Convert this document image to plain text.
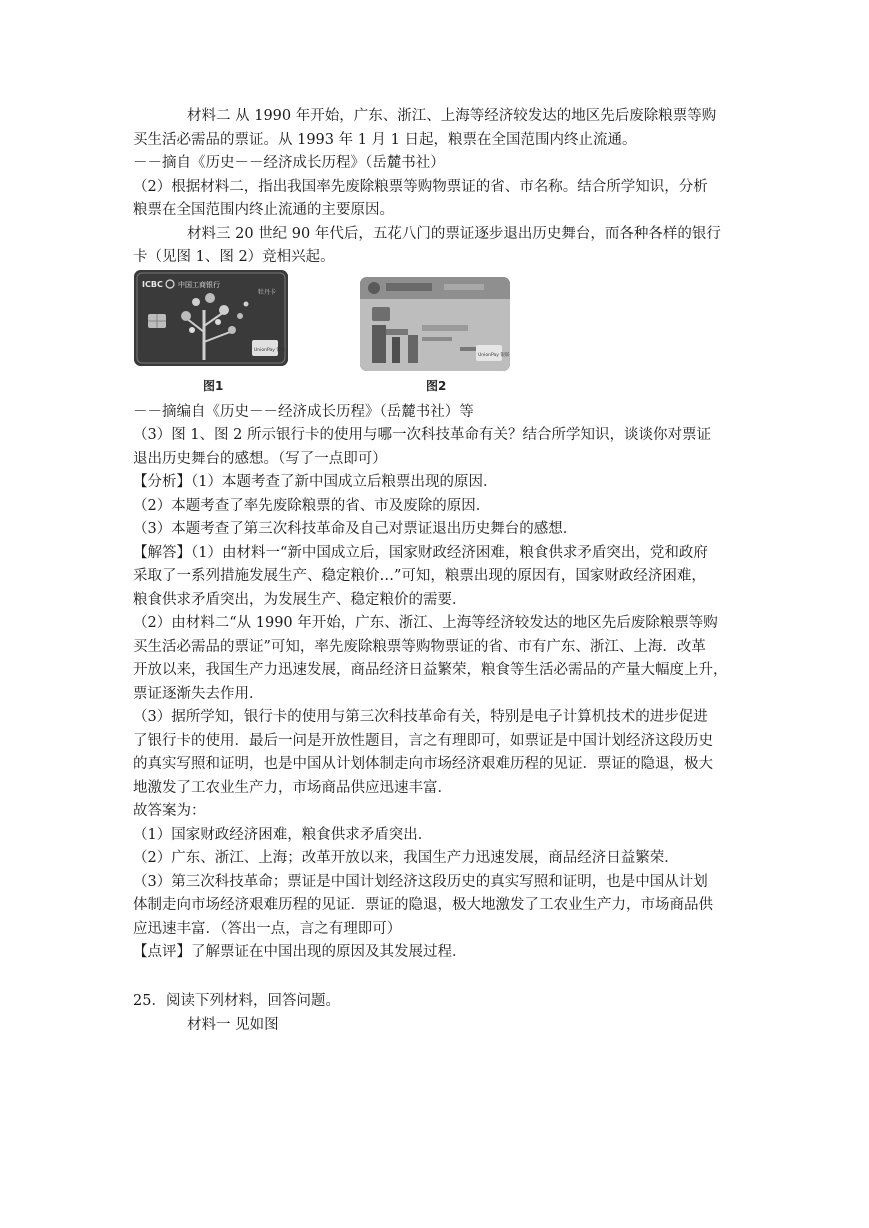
材料二 从 1990 年开始，广东、浙江、上海等经济较发达的地区先后废除粮票等购
买生活必需品的票证。从 1993 年 1 月 1 日起，粮票在全国范围内终止流通。
－－摘自《历史－－经济成长历程》（岳麓书社）
（2）根据材料二，指出我国率先废除粮票等购物票证的省、市名称。结合所学知识，分析
粮票在全国范围内终止流通的主要原因。
材料三 20 世纪 90 年代后，五花八门的票证逐步退出历史舞台，而各种各样的银行
卡（见图 1、图 2）竞相兴起。
ICBC 中国工商银行
牡丹卡
UnionPay 银联
UnionPay 银联
图1	图2
－－摘编自《历史－－经济成长历程》（岳麓书社）等
（3）图 1、图 2 所示银行卡的使用与哪一次科技革命有关？结合所学知识，谈谈你对票证
退出历史舞台的感想。（写了一点即可）
【分析】（1）本题考查了新中国成立后粮票出现的原因．
（2）本题考查了率先废除粮票的省、市及废除的原因．
（3）本题考查了第三次科技革命及自己对票证退出历史舞台的感想．
【解答】（1）由材料一“新中国成立后，国家财政经济困难，粮食供求矛盾突出，党和政府
采取了一系列措施发展生产、稳定粮价…”可知，粮票出现的原因有，国家财政经济困难，
粮食供求矛盾突出，为发展生产、稳定粮价的需要．
（2）由材料二“从 1990 年开始，广东、浙江、上海等经济较发达的地区先后废除粮票等购
买生活必需品的票证”可知，率先废除粮票等购物票证的省、市有广东、浙江、上海．改革
开放以来，我国生产力迅速发展，商品经济日益繁荣，粮食等生活必需品的产量大幅度上升，
票证逐渐失去作用．
（3）据所学知，银行卡的使用与第三次科技革命有关，特别是电子计算机技术的进步促进
了银行卡的使用．最后一问是开放性题目，言之有理即可，如票证是中国计划经济这段历史
的真实写照和证明，也是中国从计划体制走向市场经济艰难历程的见证．票证的隐退，极大
地激发了工农业生产力，市场商品供应迅速丰富．
故答案为：
（1）国家财政经济困难，粮食供求矛盾突出．
（2）广东、浙江、上海；改革开放以来，我国生产力迅速发展，商品经济日益繁荣．
（3）第三次科技革命；票证是中国计划经济这段历史的真实写照和证明，也是中国从计划
体制走向市场经济艰难历程的见证．票证的隐退，极大地激发了工农业生产力，市场商品供
应迅速丰富．（答出一点，言之有理即可）
【点评】了解票证在中国出现的原因及其发展过程．
25．阅读下列材料，回答问题。
材料一 见如图
